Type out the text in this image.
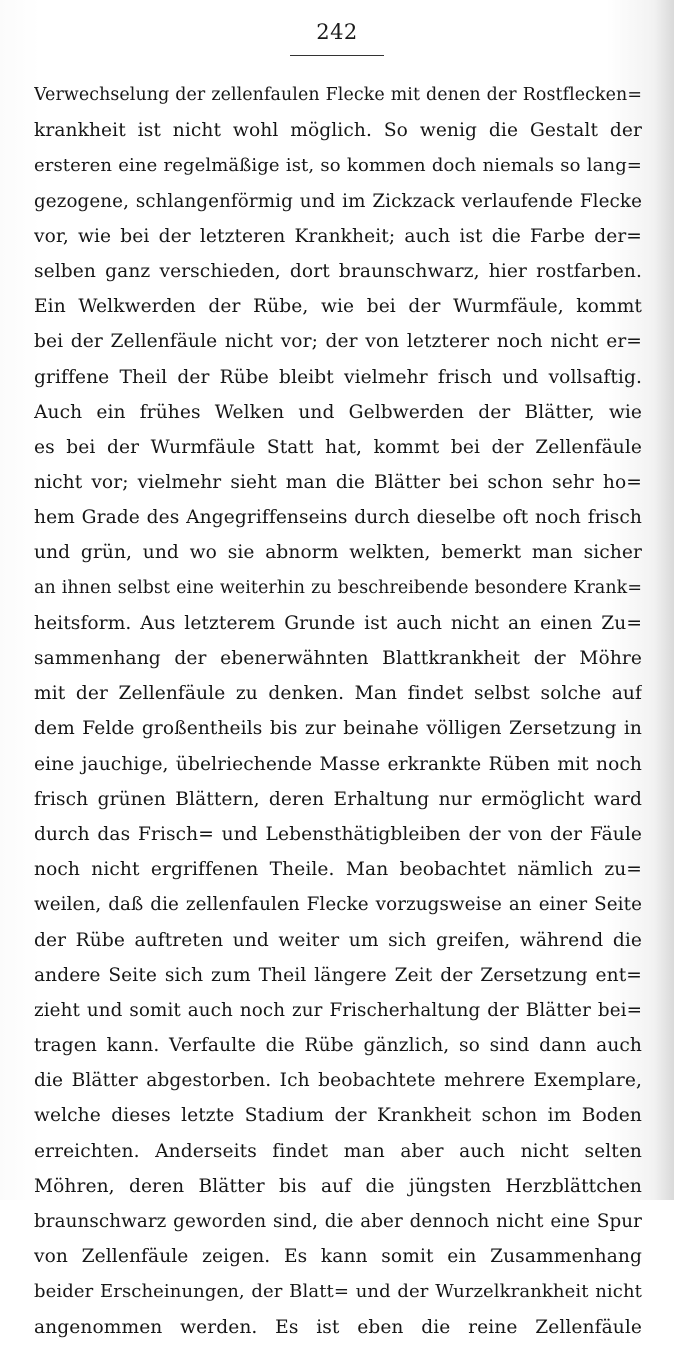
242
Verwechselung der zellenfaulen Flecke mit denen der Rostflecken=
krankheit ist nicht wohl möglich. So wenig die Gestalt der
ersteren eine regelmäßige ist, so kommen doch niemals so lang=
gezogene, schlangenförmig und im Zickzack verlaufende Flecke
vor, wie bei der letzteren Krankheit; auch ist die Farbe der=
selben ganz verschieden, dort braunschwarz, hier rostfarben.
Ein Welkwerden der Rübe, wie bei der Wurmfäule, kommt
bei der Zellenfäule nicht vor; der von letzterer noch nicht er=
griffene Theil der Rübe bleibt vielmehr frisch und vollsaftig.
Auch ein frühes Welken und Gelbwerden der Blätter, wie
es bei der Wurmfäule Statt hat, kommt bei der Zellenfäule
nicht vor; vielmehr sieht man die Blätter bei schon sehr ho=
hem Grade des Angegriffenseins durch dieselbe oft noch frisch
und grün, und wo sie abnorm welkten, bemerkt man sicher
an ihnen selbst eine weiterhin zu beschreibende besondere Krank=
heitsform. Aus letzterem Grunde ist auch nicht an einen Zu=
sammenhang der ebenerwähnten Blattkrankheit der Möhre
mit der Zellenfäule zu denken. Man findet selbst solche auf
dem Felde großentheils bis zur beinahe völligen Zersetzung in
eine jauchige, übelriechende Masse erkrankte Rüben mit noch
frisch grünen Blättern, deren Erhaltung nur ermöglicht ward
durch das Frisch= und Lebensthätigbleiben der von der Fäule
noch nicht ergriffenen Theile. Man beobachtet nämlich zu=
weilen, daß die zellenfaulen Flecke vorzugsweise an einer Seite
der Rübe auftreten und weiter um sich greifen, während die
andere Seite sich zum Theil längere Zeit der Zersetzung ent=
zieht und somit auch noch zur Frischerhaltung der Blätter bei=
tragen kann. Verfaulte die Rübe gänzlich, so sind dann auch
die Blätter abgestorben. Ich beobachtete mehrere Exemplare,
welche dieses letzte Stadium der Krankheit schon im Boden
erreichten. Anderseits findet man aber auch nicht selten
Möhren, deren Blätter bis auf die jüngsten Herzblättchen
braunschwarz geworden sind, die aber dennoch nicht eine Spur
von Zellenfäule zeigen. Es kann somit ein Zusammenhang
beider Erscheinungen, der Blatt= und der Wurzelkrankheit nicht
angenommen werden. Es ist eben die reine Zellenfäule
